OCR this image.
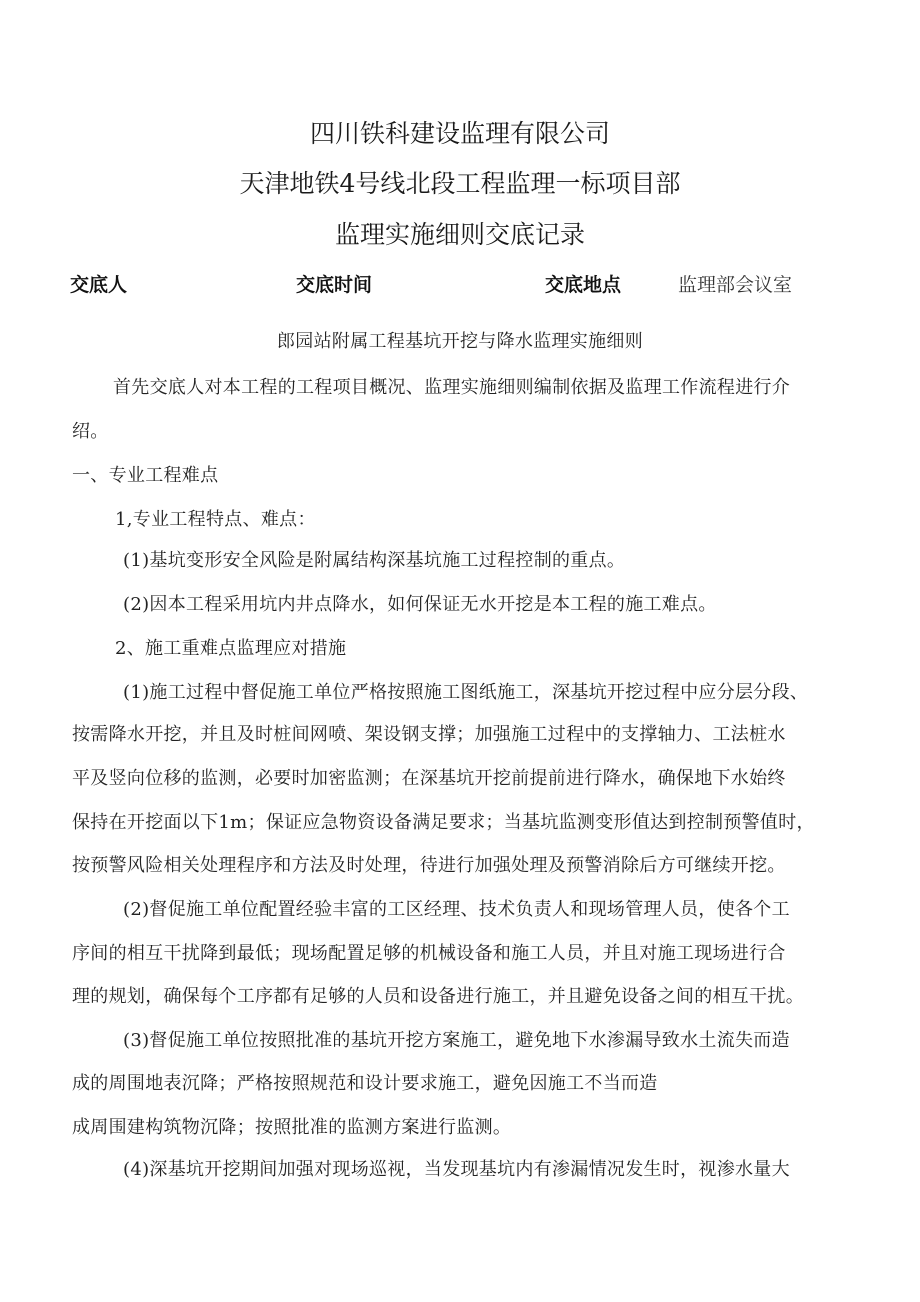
四川铁科建设监理有限公司
天津地铁4号线北段工程监理一标项目部
监理实施细则交底记录
交底人	交底时间	交底地点	监理部会议室
郎园站附属工程基坑开挖与降水监理实施细则
首先交底人对本工程的工程项目概况、监理实施细则编制依据及监理工作流程进行介
绍。
一、专业工程难点
1,专业工程特点、难点：
(1)基坑变形安全风险是附属结构深基坑施工过程控制的重点。
(2)因本工程采用坑内井点降水，如何保证无水开挖是本工程的施工难点。
2、施工重难点监理应对措施
(1)施工过程中督促施工单位严格按照施工图纸施工，深基坑开挖过程中应分层分段、
按需降水开挖，并且及时桩间网喷、架设钢支撑；加强施工过程中的支撑轴力、工法桩水
平及竖向位移的监测，必要时加密监测；在深基坑开挖前提前进行降水，确保地下水始终
保持在开挖面以下1m；保证应急物资设备满足要求；当基坑监测变形值达到控制预警值时，
按预警风险相关处理程序和方法及时处理，待进行加强处理及预警消除后方可继续开挖。
(2)督促施工单位配置经验丰富的工区经理、技术负责人和现场管理人员，使各个工
序间的相互干扰降到最低；现场配置足够的机械设备和施工人员，并且对施工现场进行合
理的规划，确保每个工序都有足够的人员和设备进行施工，并且避免设备之间的相互干扰。
(3)督促施工单位按照批准的基坑开挖方案施工，避免地下水渗漏导致水土流失而造
成的周围地表沉降；严格按照规范和设计要求施工，避免因施工不当而造
成周围建构筑物沉降；按照批准的监测方案进行监测。
(4)深基坑开挖期间加强对现场巡视，当发现基坑内有渗漏情况发生时，视渗水量大
